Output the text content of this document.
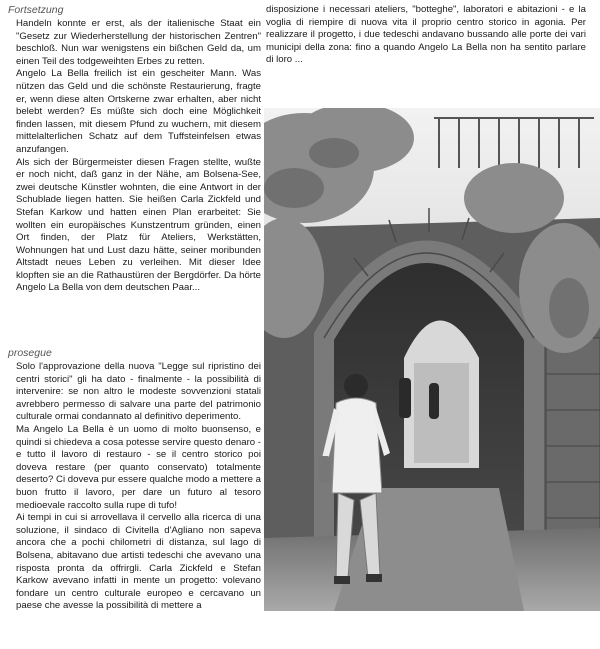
Fortsetzung

Handeln konnte er erst, als der italienische Staat ein "Gesetz zur Wiederherstellung der historischen Zentren" beschloß. Nun war wenigstens ein bißchen Geld da, um einen Teil des todgeweihten Erbes zu retten.

Angelo La Bella freilich ist ein gescheiter Mann. Was nützen das Geld und die schönste Restaurierung, fragte er, wenn diese alten Ortskerne zwar erhalten, aber nicht belebt werden? Es müßte sich doch eine Möglichkeit finden lassen, mit diesem Pfund zu wuchern, mit diesem mittelalterlichen Schatz auf dem Tuffsteinfelsen etwas anzufangen.

Als sich der Bürgermeister diesen Fragen stellte, wußte er noch nicht, daß ganz in der Nähe, am Bolsena-See, zwei deutsche Künstler wohnten, die eine Antwort in der Schublade liegen hatten. Sie heißen Carla Zickfeld und Stefan Karkow und hatten einen Plan erarbeitet: Sie wollten ein europäisches Kunstzentrum gründen, einen Ort finden, der Platz für Ateliers, Werkstätten, Wohnungen hat und Lust dazu hätte, seiner moribunden Altstadt neues Leben zu verleihen. Mit dieser Idee klopften sie an die Rathaustüren der Bergdörfer. Da hörte Angelo La Bella von dem deutschen Paar...

prosegue

Solo l'approvazione della nuova "Legge sul ripristino dei centri storici" gli ha dato - finalmente - la possibilità di intervenire: se non altro le modeste sovvenzioni statali avrebbero permesso di salvare una parte del patrimonio culturale ormai condannato al definitivo deperimento.

Ma Angelo La Bella è un uomo di molto buonsenso, e quindi si chiedeva a cosa potesse servire questo denaro - e tutto il lavoro di restauro - se il centro storico poi doveva restare (per quanto conservato) totalmente deserto? Ci doveva pur essere qualche modo a mettere a buon frutto il lavoro, per dare un futuro al tesoro medioevale raccolto sulla rupe di tufo!

Ai tempi in cui si arrovellava il cervello alla ricerca di una soluzione, il sindaco di Civitella d'Agliano non sapeva ancora che a pochi chilometri di distanza, sul lago di Bolsena, abitavano due artisti tedeschi che avevano una risposta pronta da offrirgli. Carla Zickfeld e Stefan Karkow avevano infatti in mente un progetto: volevano fondare un centro culturale europeo e cercavano un paese che avesse la possibilità di mettere a

disposizione i necessari ateliers, "botteghe", laboratori e abitazioni - e la voglia di riempire di nuova vita il proprio centro storico in agonia. Per realizzare il progetto, i due tedeschi andavano bussando alle porte dei vari municipi della zona: fino a quando Angelo La Bella non ha sentito parlare di loro ...
